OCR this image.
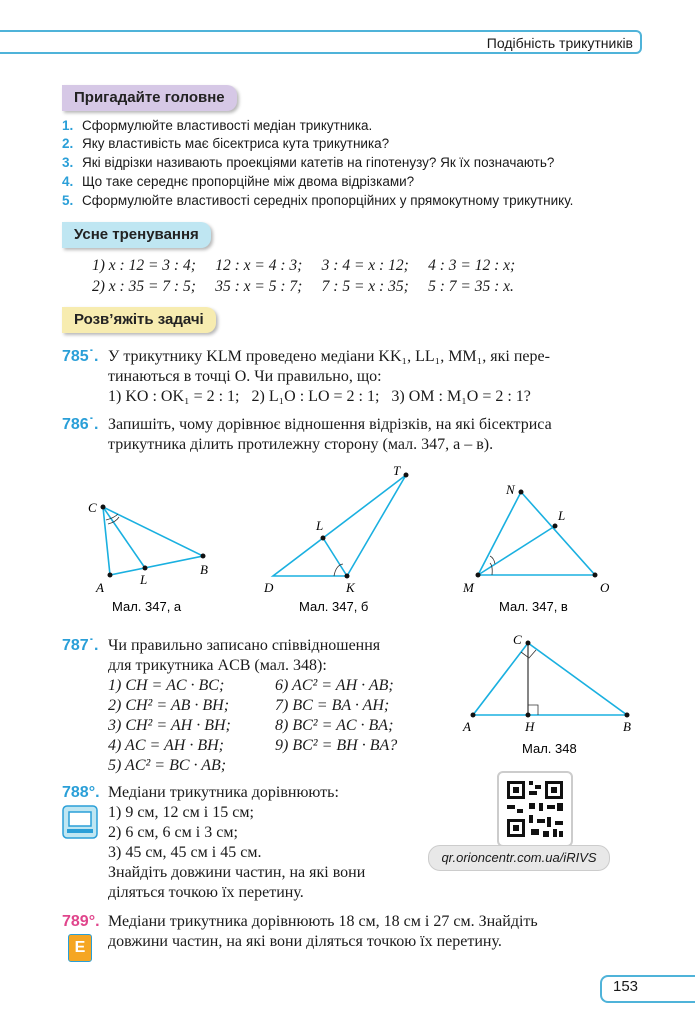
Подібність трикутників
Пригадайте головне
1. Сформулюйте властивості медіан трикутника.
2. Яку властивість має бісектриса кута трикутника?
3. Які відрізки називають проекціями катетів на гіпотенузу? Як їх позначають?
4. Що таке середнє пропорційне між двома відрізками?
5. Сформулюйте властивості середніх пропорційних у прямокутному трикутнику.
Усне тренування
1) x : 12 = 3 : 4;     12 : x = 4 : 3;     3 : 4 = x : 12;     4 : 3 = 12 : x;
2) x : 35 = 7 : 5;     35 : x = 5 : 7;     7 : 5 = x : 35;     5 : 7 = 35 : x.
Розв’яжіть задачі
785˙. У трикутнику KLM проведено медіани KK₁, LL₁, MM₁, які пере-
тинаються в точці O. Чи правильно, що:
1) KO : OK₁ = 2 : 1;   2) L₁O : LO = 2 : 1;   3) OM : M₁O = 2 : 1?
786˙. Запишіть, чому дорівнює відношення відрізків, на які бісектриса
трикутника ділить протилежну сторону (мал. 347, а – в).
C
A
L
B
Мал. 347, а
T
L
D	K
Мал. 347, б
N
L
M	O
Мал. 347, в
787˙. Чи правильно записано співвідношення
для трикутника ACB (мал. 348):
1) CH = AC · BC;
2) CH² = AB · BH;
3) CH² = AH · BH;
4) AC = AH · BH;
5) AC² = BC · AB;
6) AC² = AH · AB;
7) BC = BA · AH;
8) BC² = AC · BA;
9) BC² = BH · BA?
C
A	H	B
Мал. 348
788°. Медіани трикутника дорівнюють:
1) 9 см, 12 см і 15 см;
2) 6 см, 6 см і 3 см;
3) 45 см, 45 см і 45 см.
Знайдіть довжини частин, на які вони
діляться точкою їх перетину.
qr.orioncentr.com.ua/iRIVS
789°.
E
Медіани трикутника дорівнюють 18 см, 18 см і 27 см. Знайдіть
довжини частин, на які вони діляться точкою їх перетину.
153
